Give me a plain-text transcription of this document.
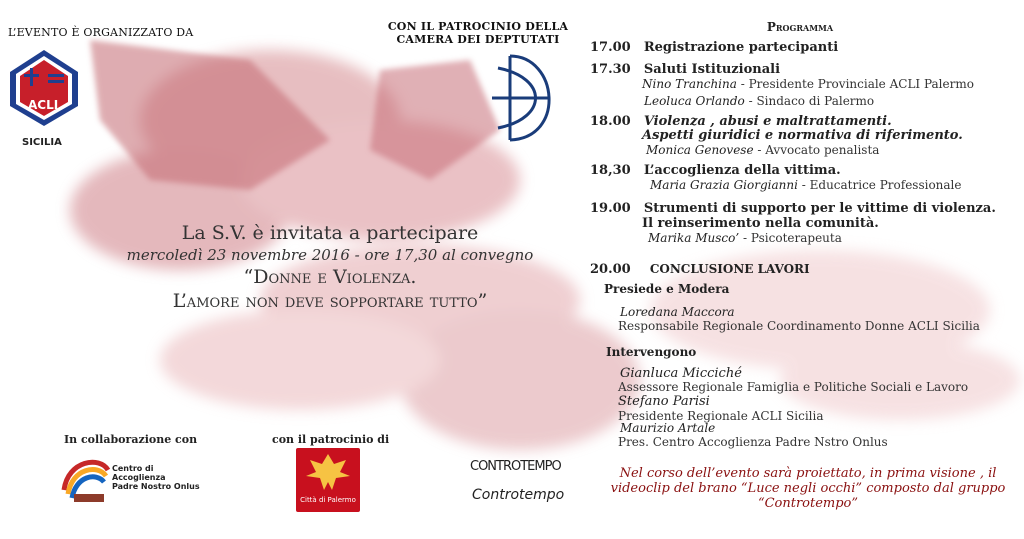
L’EVENTO È ORGANIZZATO DA
ACLI
SICILIA
CON IL PATROCINIO DELLA
CAMERA DEI DEPTUTATI
La S.V. è invitata a partecipare
mercoledì 23 novembre 2016 - ore 17,30 al convegno
“Donne e Violenza.
L’amore non deve sopportare tutto”
Programma
17.00 Registrazione partecipanti
17.30 Saluti Istituzionali
Nino Tranchina - Presidente Provinciale ACLI Palermo
Leoluca Orlando - Sindaco di Palermo
18.00 Violenza , abusi e maltrattamenti.
Aspetti giuridici e normativa di riferimento.
Monica Genovese - Avvocato penalista
18,30 L’accoglienza della vittima.
Maria Grazia Giorgianni - Educatrice Professionale
19.00 Strumenti di supporto per le vittime di violenza.
Il reinserimento nella comunità.
Marika Musco’ - Psicoterapeuta
20.00 CONCLUSIONE LAVORI
Presiede e Modera
Loredana Maccora
Responsabile Regionale Coordinamento Donne ACLI Sicilia
Intervengono
Gianluca Micciché
Assessore Regionale Famiglia e Politiche Sociali e Lavoro
Stefano Parisi
Presidente Regionale ACLI Sicilia
Maurizio Artale
Pres. Centro Accoglienza Padre Nstro Onlus
Nel corso dell’evento sarà proiettato, in prima visione , il
videoclip del brano “Luce negli occhi” composto dal gruppo
“Controtempo”
In collaborazione con
Centro di Accoglienza
Padre Nostro Onlus
con il patrocinio di
Città di Palermo
CONTROTEMPO
Controtempo
